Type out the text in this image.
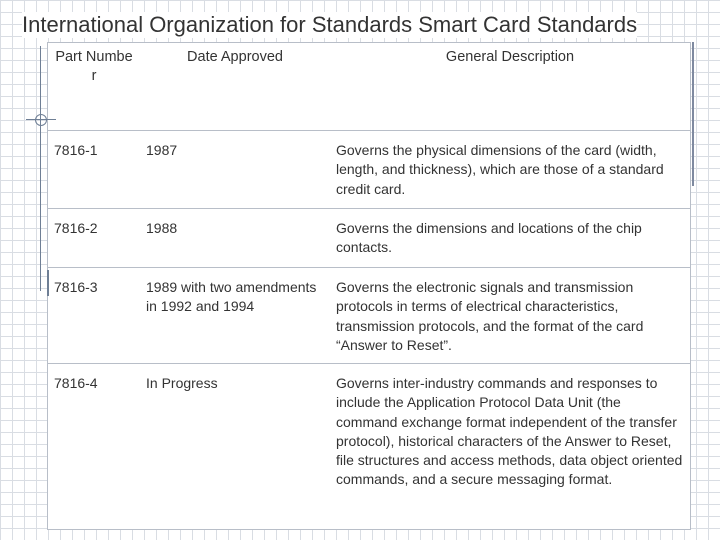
International Organization for Standards Smart Card Standards
Part Number	Date Approved	General Description
7816-1	1987	Governs the physical dimensions of the card (width, length, and thickness), which are those of a standard credit card.
7816-2	1988	Governs the dimensions and locations of the chip contacts.
7816-3	1989 with two amendments in 1992 and 1994	Governs the electronic signals and transmission protocols in terms of electrical characteristics, transmission protocols, and the format of the card “Answer to Reset”.
7816-4	In Progress	Governs inter-industry commands and responses to include the Application Protocol Data Unit (the command exchange format independent of the transfer protocol), historical characters of the Answer to Reset, file structures and access methods, data object oriented commands, and a secure messaging format.
